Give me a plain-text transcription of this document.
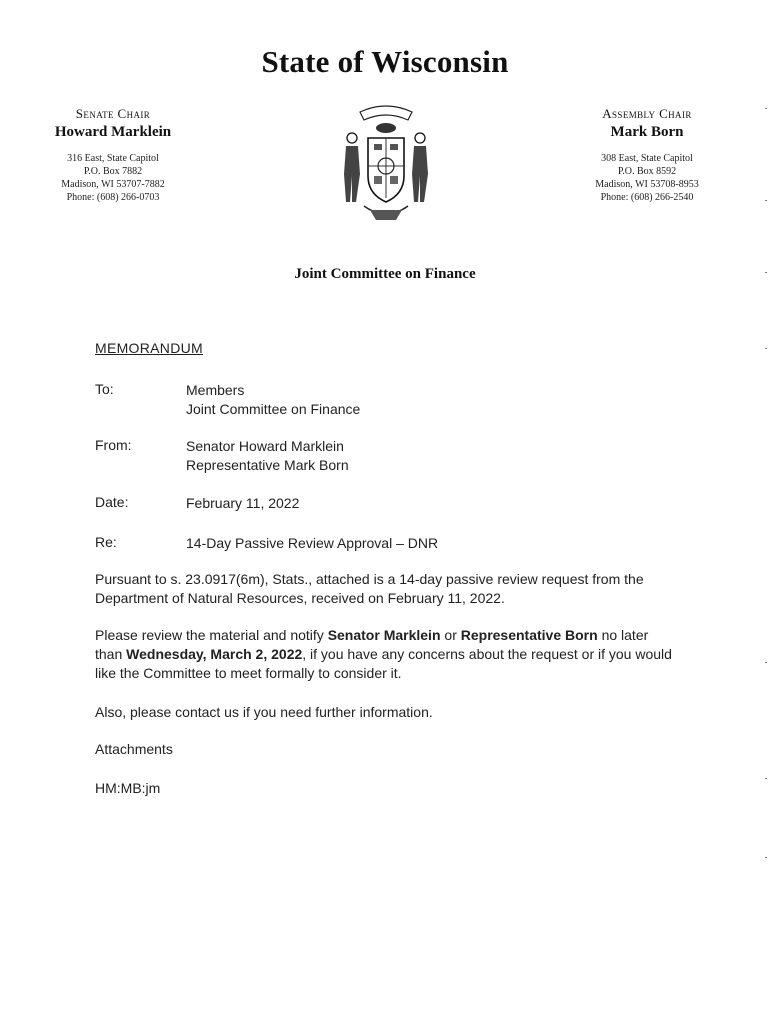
State of Wisconsin
Senate Chair
Howard Marklein
316 East, State Capitol
P.O. Box 7882
Madison, WI 53707-7882
Phone: (608) 266-0703
Assembly Chair
Mark Born
308 East, State Capitol
P.O. Box 8592
Madison, WI 53708-8953
Phone: (608) 266-2540
Joint Committee on Finance
MEMORANDUM
To:	Members
Joint Committee on Finance
From:	Senator Howard Marklein
Representative Mark Born
Date:	February 11, 2022
Re:	14-Day Passive Review Approval – DNR
Pursuant to s. 23.0917(6m), Stats., attached is a 14-day passive review request from the Department of Natural Resources, received on February 11, 2022.
Please review the material and notify Senator Marklein or Representative Born no later than Wednesday, March 2, 2022, if you have any concerns about the request or if you would like the Committee to meet formally to consider it.
Also, please contact us if you need further information.
Attachments
HM:MB:jm
